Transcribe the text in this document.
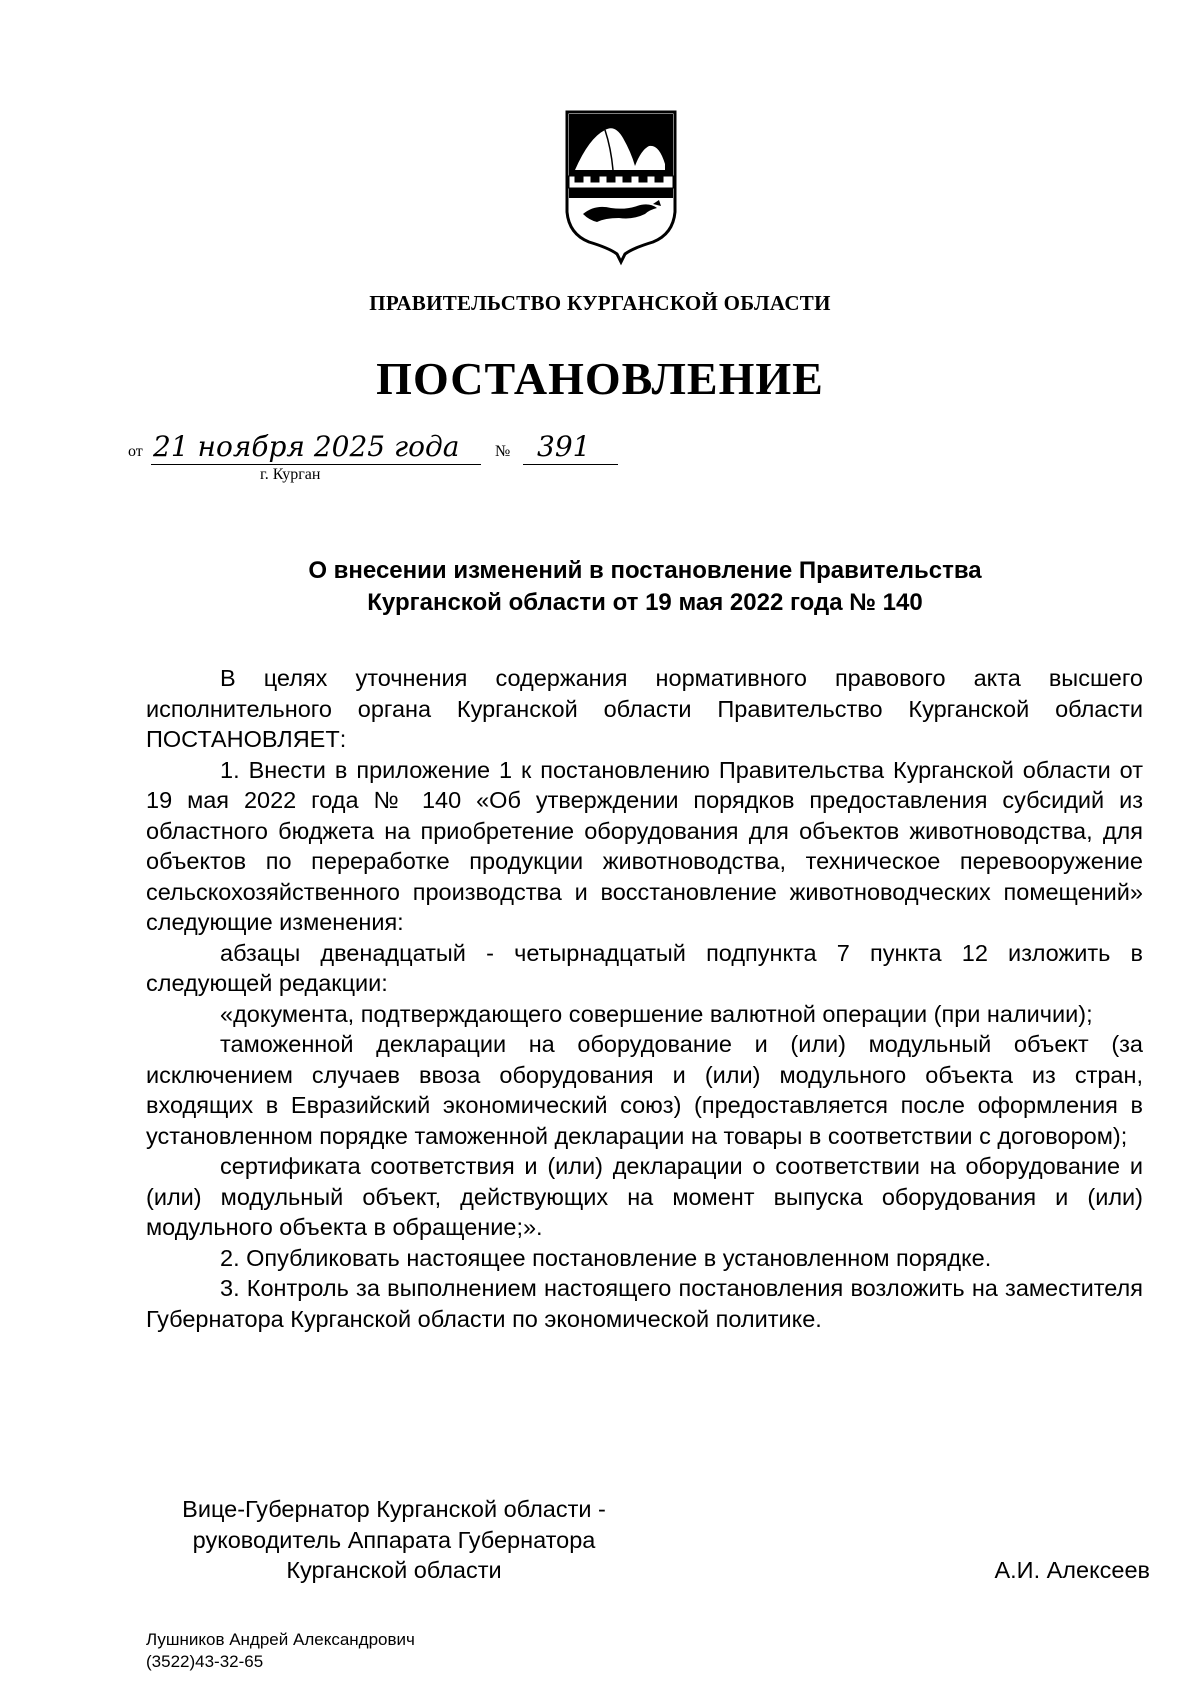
ПРАВИТЕЛЬСТВО КУРГАНСКОЙ ОБЛАСТИ
ПОСТАНОВЛЕНИЕ
от 21 ноября 2025 года № 391
г. Курган
О внесении изменений в постановление Правительства
Курганской области от 19 мая 2022 года № 140

В целях уточнения содержания нормативного правового акта высшего исполнительного органа Курганской области Правительство Курганской области ПОСТАНОВЛЯЕТ:

1. Внести в приложение 1 к постановлению Правительства Курганской области от 19 мая 2022 года № 140 «Об утверждении порядков предоставления субсидий из областного бюджета на приобретение оборудования для объектов животноводства, для объектов по переработке продукции животноводства, техническое перевооружение сельскохозяйственного производства и восстановление животноводческих помещений» следующие изменения:

абзацы двенадцатый - четырнадцатый подпункта 7 пункта 12 изложить в следующей редакции:

«документа, подтверждающего совершение валютной операции (при наличии);

таможенной декларации на оборудование и (или) модульный объект (за исключением случаев ввоза оборудования и (или) модульного объекта из стран, входящих в Евразийский экономический союз) (предоставляется после оформления в установленном порядке таможенной декларации на товары в соответствии с договором);

сертификата соответствия и (или) декларации о соответствии на оборудование и (или) модульный объект, действующих на момент выпуска оборудования и (или) модульного объекта в обращение;».

2. Опубликовать настоящее постановление в установленном порядке.

3. Контроль за выполнением настоящего постановления возложить на заместителя Губернатора Курганской области по экономической политике.

Вице-Губернатор Курганской области -
руководитель Аппарата Губернатора
Курганской области	А.И. Алексеев
Лушников Андрей Александрович
(3522)43-32-65
